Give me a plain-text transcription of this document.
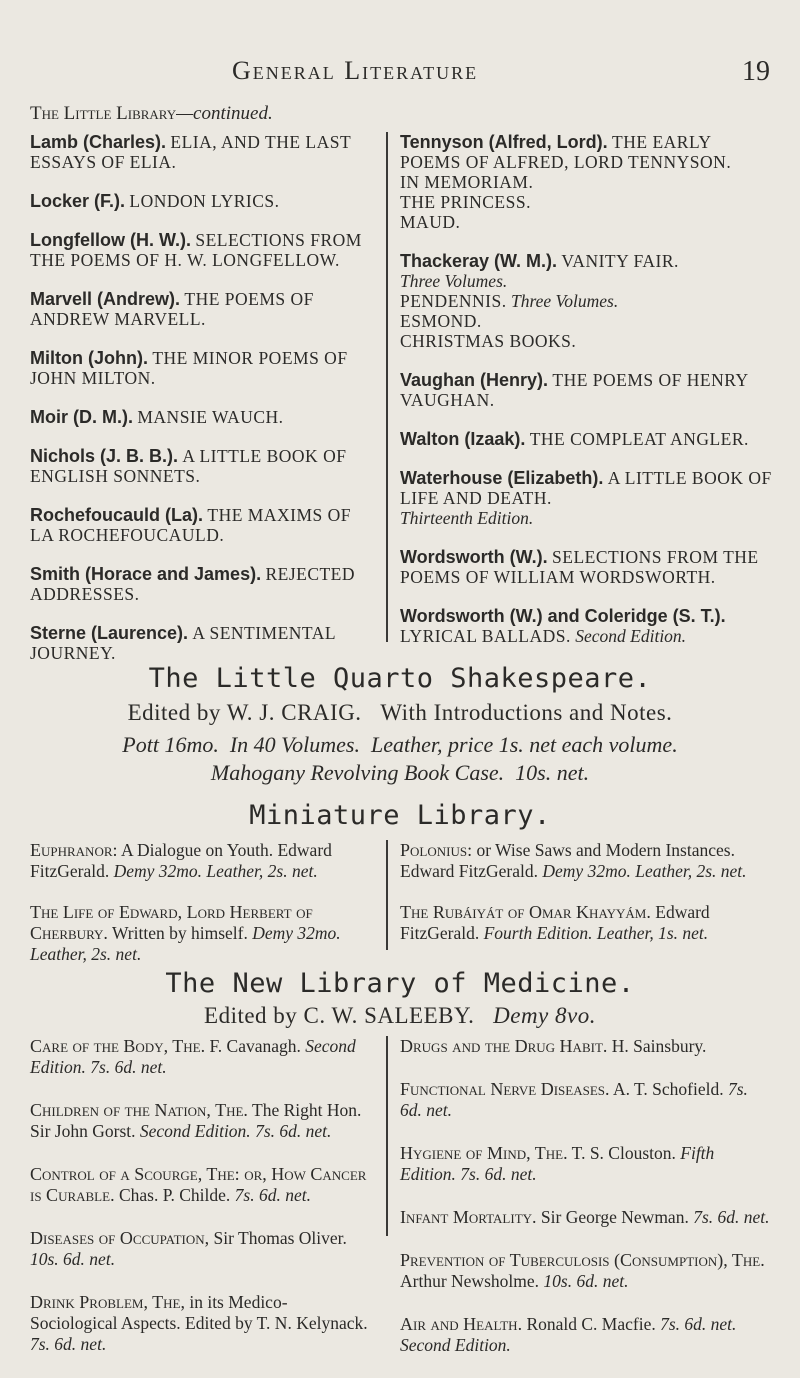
General Literature	19
The Little Library—continued.
Lamb (Charles). ELIA, AND THE LAST ESSAYS OF ELIA.
Locker (F.). LONDON LYRICS.
Longfellow (H. W.). SELECTIONS FROM THE POEMS OF H. W. LONGFELLOW.
Marvell (Andrew). THE POEMS OF ANDREW MARVELL.
Milton (John). THE MINOR POEMS OF JOHN MILTON.
Moir (D. M.). MANSIE WAUCH.
Nichols (J. B. B.). A LITTLE BOOK OF ENGLISH SONNETS.
Rochefoucauld (La). THE MAXIMS OF LA ROCHEFOUCAULD.
Smith (Horace and James). REJECTED ADDRESSES.
Sterne (Laurence). A SENTIMENTAL JOURNEY.
Tennyson (Alfred, Lord). THE EARLY POEMS OF ALFRED, LORD TENNYSON.
IN MEMORIAM.
THE PRINCESS.
MAUD.
Thackeray (W. M.). VANITY FAIR.
Three Volumes.
PENDENNIS. Three Volumes.
ESMOND.
CHRISTMAS BOOKS.
Vaughan (Henry). THE POEMS OF HENRY VAUGHAN.
Walton (Izaak). THE COMPLEAT ANGLER.
Waterhouse (Elizabeth). A LITTLE BOOK OF LIFE AND DEATH.
Thirteenth Edition.
Wordsworth (W.). SELECTIONS FROM THE POEMS OF WILLIAM WORDSWORTH.
Wordsworth (W.) and Coleridge (S. T.). LYRICAL BALLADS. Second Edition.
The Little Quarto Shakespeare.
Edited by W. J. CRAIG. With Introductions and Notes.
Pott 16mo. In 40 Volumes. Leather, price 1s. net each volume.
Mahogany Revolving Book Case. 10s. net.
Miniature Library.
Euphranor: A Dialogue on Youth. Edward FitzGerald. Demy 32mo. Leather, 2s. net.
The Life of Edward, Lord Herbert of Cherbury. Written by himself. Demy 32mo. Leather, 2s. net.
Polonius: or Wise Saws and Modern Instances. Edward FitzGerald. Demy 32mo. Leather, 2s. net.
The Rubáiyát of Omar Khayyám. Edward FitzGerald. Fourth Edition. Leather, 1s. net.
The New Library of Medicine.
Edited by C. W. SALEEBY. Demy 8vo.
Care of the Body, The. F. Cavanagh. Second Edition. 7s. 6d. net.
Children of the Nation, The. The Right Hon. Sir John Gorst. Second Edition. 7s. 6d. net.
Control of a Scourge, The: or, How Cancer is Curable. Chas. P. Childe. 7s. 6d. net.
Diseases of Occupation, Sir Thomas Oliver. 10s. 6d. net.
Drink Problem, The, in its Medico-Sociological Aspects. Edited by T. N. Kelynack. 7s. 6d. net.
Drugs and the Drug Habit. H. Sainsbury.
Functional Nerve Diseases. A. T. Schofield. 7s. 6d. net.
Hygiene of Mind, The. T. S. Clouston. Fifth Edition. 7s. 6d. net.
Infant Mortality. Sir George Newman. 7s. 6d. net.
Prevention of Tuberculosis (Consumption), The. Arthur Newsholme. 10s. 6d. net.
Air and Health. Ronald C. Macfie. 7s. 6d. net. Second Edition.
